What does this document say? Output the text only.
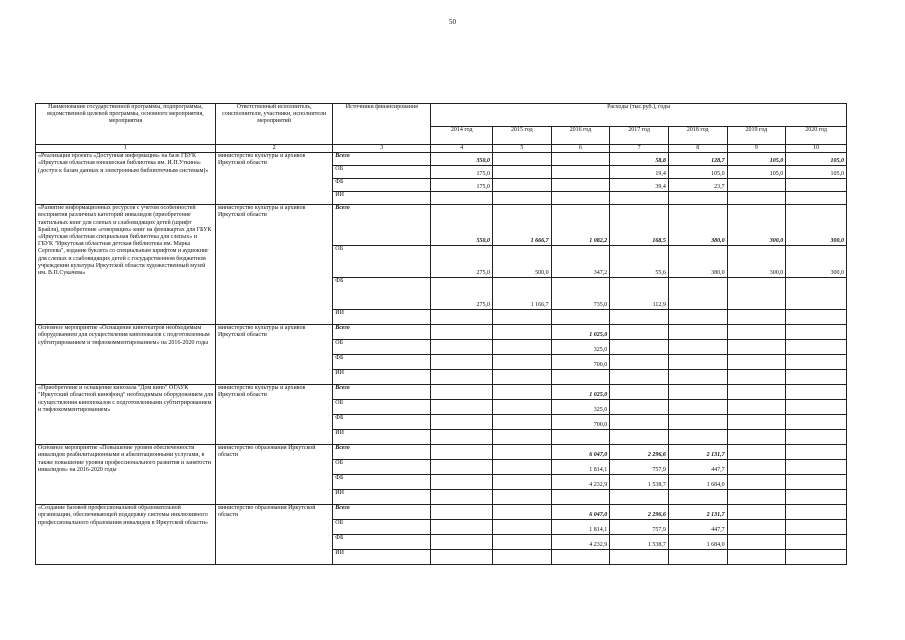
50
Наименование государственной программы, подпрограммы, ведомственной целевой программы, основного мероприятия, мероприятия	Ответственный исполнитель, соисполнители, участники, исполнители мероприятий	Источники финансирования	Расходы (тыс.руб.), годы						
			2014 год	2015 год	2016 год	2017 год	2018 год	2019 год	2020 год
1	2	3	4	5	6	7	8	9	10
«Реализация проекта «Доступная информация» на базе ГБУК «Иркутская областная юношеская библиотека им. И.П.Уткина» (доступ к базам данных и электронным библиотечным системам)»	министерство культуры и архивов Иркутской области	Всего	350,0			58,8	128,7	105,0	105,0
		ОБ	175,0			19,4	105,0	105,0	105,0
		ФБ	175,0			39,4	23,7		
		ИИ							
«Развитие информационных ресурсов с учетом особенностей восприятия различных категорий инвалидов (приобретение тактильных книг для слепых и слабовидящих детей (шрифт Брайля), приобретение «говорящих» книг на флешкартах для ГБУК «Иркутская областная специальная библиотека для слепых» и ГБУК "Иркутская областная детская библиотека им. Марка Сергеева", издание буклета со специальным шрифтом и аудиокниг для слепых и слабовидящих детей с государственном бюджетном учреждении культуры Иркутской области художественный музей им. В.П.Сукачева»	министерство культуры и архивов Иркутской области	Всего	550,0	1 666,7	1 082,2	168,5	380,0	300,0	300,0
		ОБ	275,0	500,0	347,2	55,6	380,0	300,0	300,0
		ФБ	275,0	1 166,7	735,0	112,9			
		ИИ							
Основное мероприятие «Оснащение кинотеатров необходимым оборудованием для осуществления кинопоказов с подготовленным субтитрированием и тифлокомментированием» на 2016-2020 годы	министерство культуры и архивов Иркутской области	Всего			1 025,0				
		ОБ			325,0				
		ФБ			700,0				
		ИИ							
«Приобретение и оснащение кинозала "Дом кино" ОГАУК "Иркутский областной кинофонд" необходимым оборудованием для осуществления кинопоказов с подготовленными субтитрированием и тифлокомментированием»	министерство культуры и архивов Иркутской области	Всего			1 025,0				
		ОБ			325,0				
		ФБ			700,0				
		ИИ							
Основное мероприятие «Повышение уровня обеспеченности инвалидов реабилитационными и абилитационными услугами, в также повышение уровня профессионального развития и занятости инвалидов» на 2016-2020 годы	министерство образования Иркутской области	Всего			6 047,0	2 296,6	2 131,7		
		ОБ			1 814,1	757,9	447,7		
		ФБ			4 232,9	1 538,7	1 684,0		
		ИИ							
«Создание базовой профессиональной образовательной организации, обеспечивающей поддержку системы инклюзивного профессионального образования инвалидов в Иркутской области»	министерство образования Иркутской области	Всего			6 047,0	2 296,6	2 131,7		
		ОБ			1 814,1	757,9	447,7		
		ФБ			4 232,9	1 538,7	1 684,0		
		ИИ							
